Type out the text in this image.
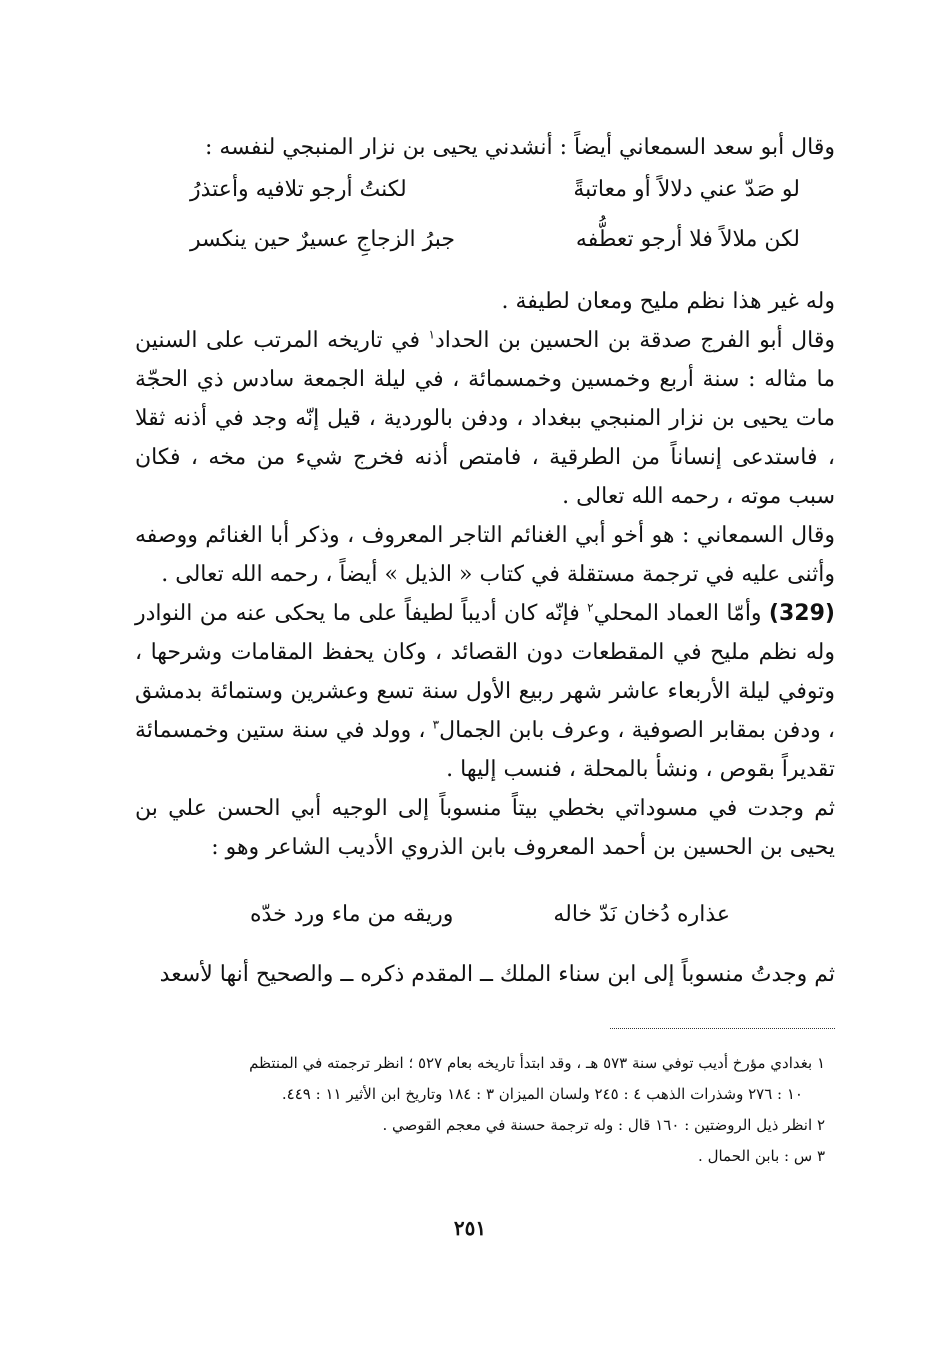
وقال أبو سعد السمعاني أيضاً : أنشدني يحيى بن نزار المنبجي لنفسه :

لو صَدّ عني دلالاً أو معاتبةً
لكنتُ أرجو تلافيه وأعتذرُ
لكن ملالاً فلا أرجو تعطُّفه
جبرُ الزجاجِ عسيرٌ حين ينكسر

وله غير هذا نظم مليح ومعان لطيفة .

وقال أبو الفرج صدقة بن الحسين بن الحداد$^١$ في تاريخه المرتب على السنين ما مثاله : سنة أربع وخمسين وخمسمائة ، في ليلة الجمعة سادس ذي الحجّة مات يحيى بن نزار المنبجي ببغداد ، ودفن بالوردية ، قيل إنّه وجد في أذنه ثقلا ، فاستدعى إنساناً من الطرقية ، فامتص أذنه فخرج شيء من مخه ، فكان سبب موته ، رحمه الله تعالى .

وقال السمعاني : هو أخو أبي الغنائم التاجر المعروف ، وذكر أبا الغنائم ووصفه وأثنى عليه في ترجمة مستقلة في كتاب « الذيل » أيضاً ، رحمه الله تعالى .

(329) وأمّا العماد المحلي$^٢$ فإنّه كان أديباً لطيفاً على ما يحكى عنه من النوادر وله نظم مليح في المقطعات دون القصائد ، وكان يحفظ المقامات وشرحها ، وتوفي ليلة الأربعاء عاشر شهر ربيع الأول سنة تسع وعشرين وستمائة بدمشق ، ودفن بمقابر الصوفية ، وعرف بابن الجمال$^٣$ ، وولد في سنة ستين وخمسمائة تقديراً بقوص ، ونشأ بالمحلة ، فنسب إليها .

ثم وجدت في مسوداتي بخطي بيتاً منسوباً إلى الوجيه أبي الحسن علي بن يحيى بن الحسين بن أحمد المعروف بابن الذروي الأديب الشاعر وهو :

عذاره دُخان نَدّ خاله
وريقه من ماء ورد خدّه
ثم وجدتُ منسوباً إلى ابن سناء الملك ــ المقدم ذكره ــ والصحيح أنها لأسعد

١ بغدادي مؤرخ أديب توفي سنة ٥٧٣ هـ ، وقد ابتدأ تاريخه بعام ٥٢٧ ؛ انظر ترجمته في المنتظم

١٠ : ٢٧٦ وشذرات الذهب ٤ : ٢٤٥ ولسان الميزان ٣ : ١٨٤ وتاريخ ابن الأثير ١١ : ٤٤٩.

٢ انظر ذيل الروضتين : ١٦٠ قال : وله ترجمة حسنة في معجم القوصي .

٣ س : بابن الحمال .

٢٥١
